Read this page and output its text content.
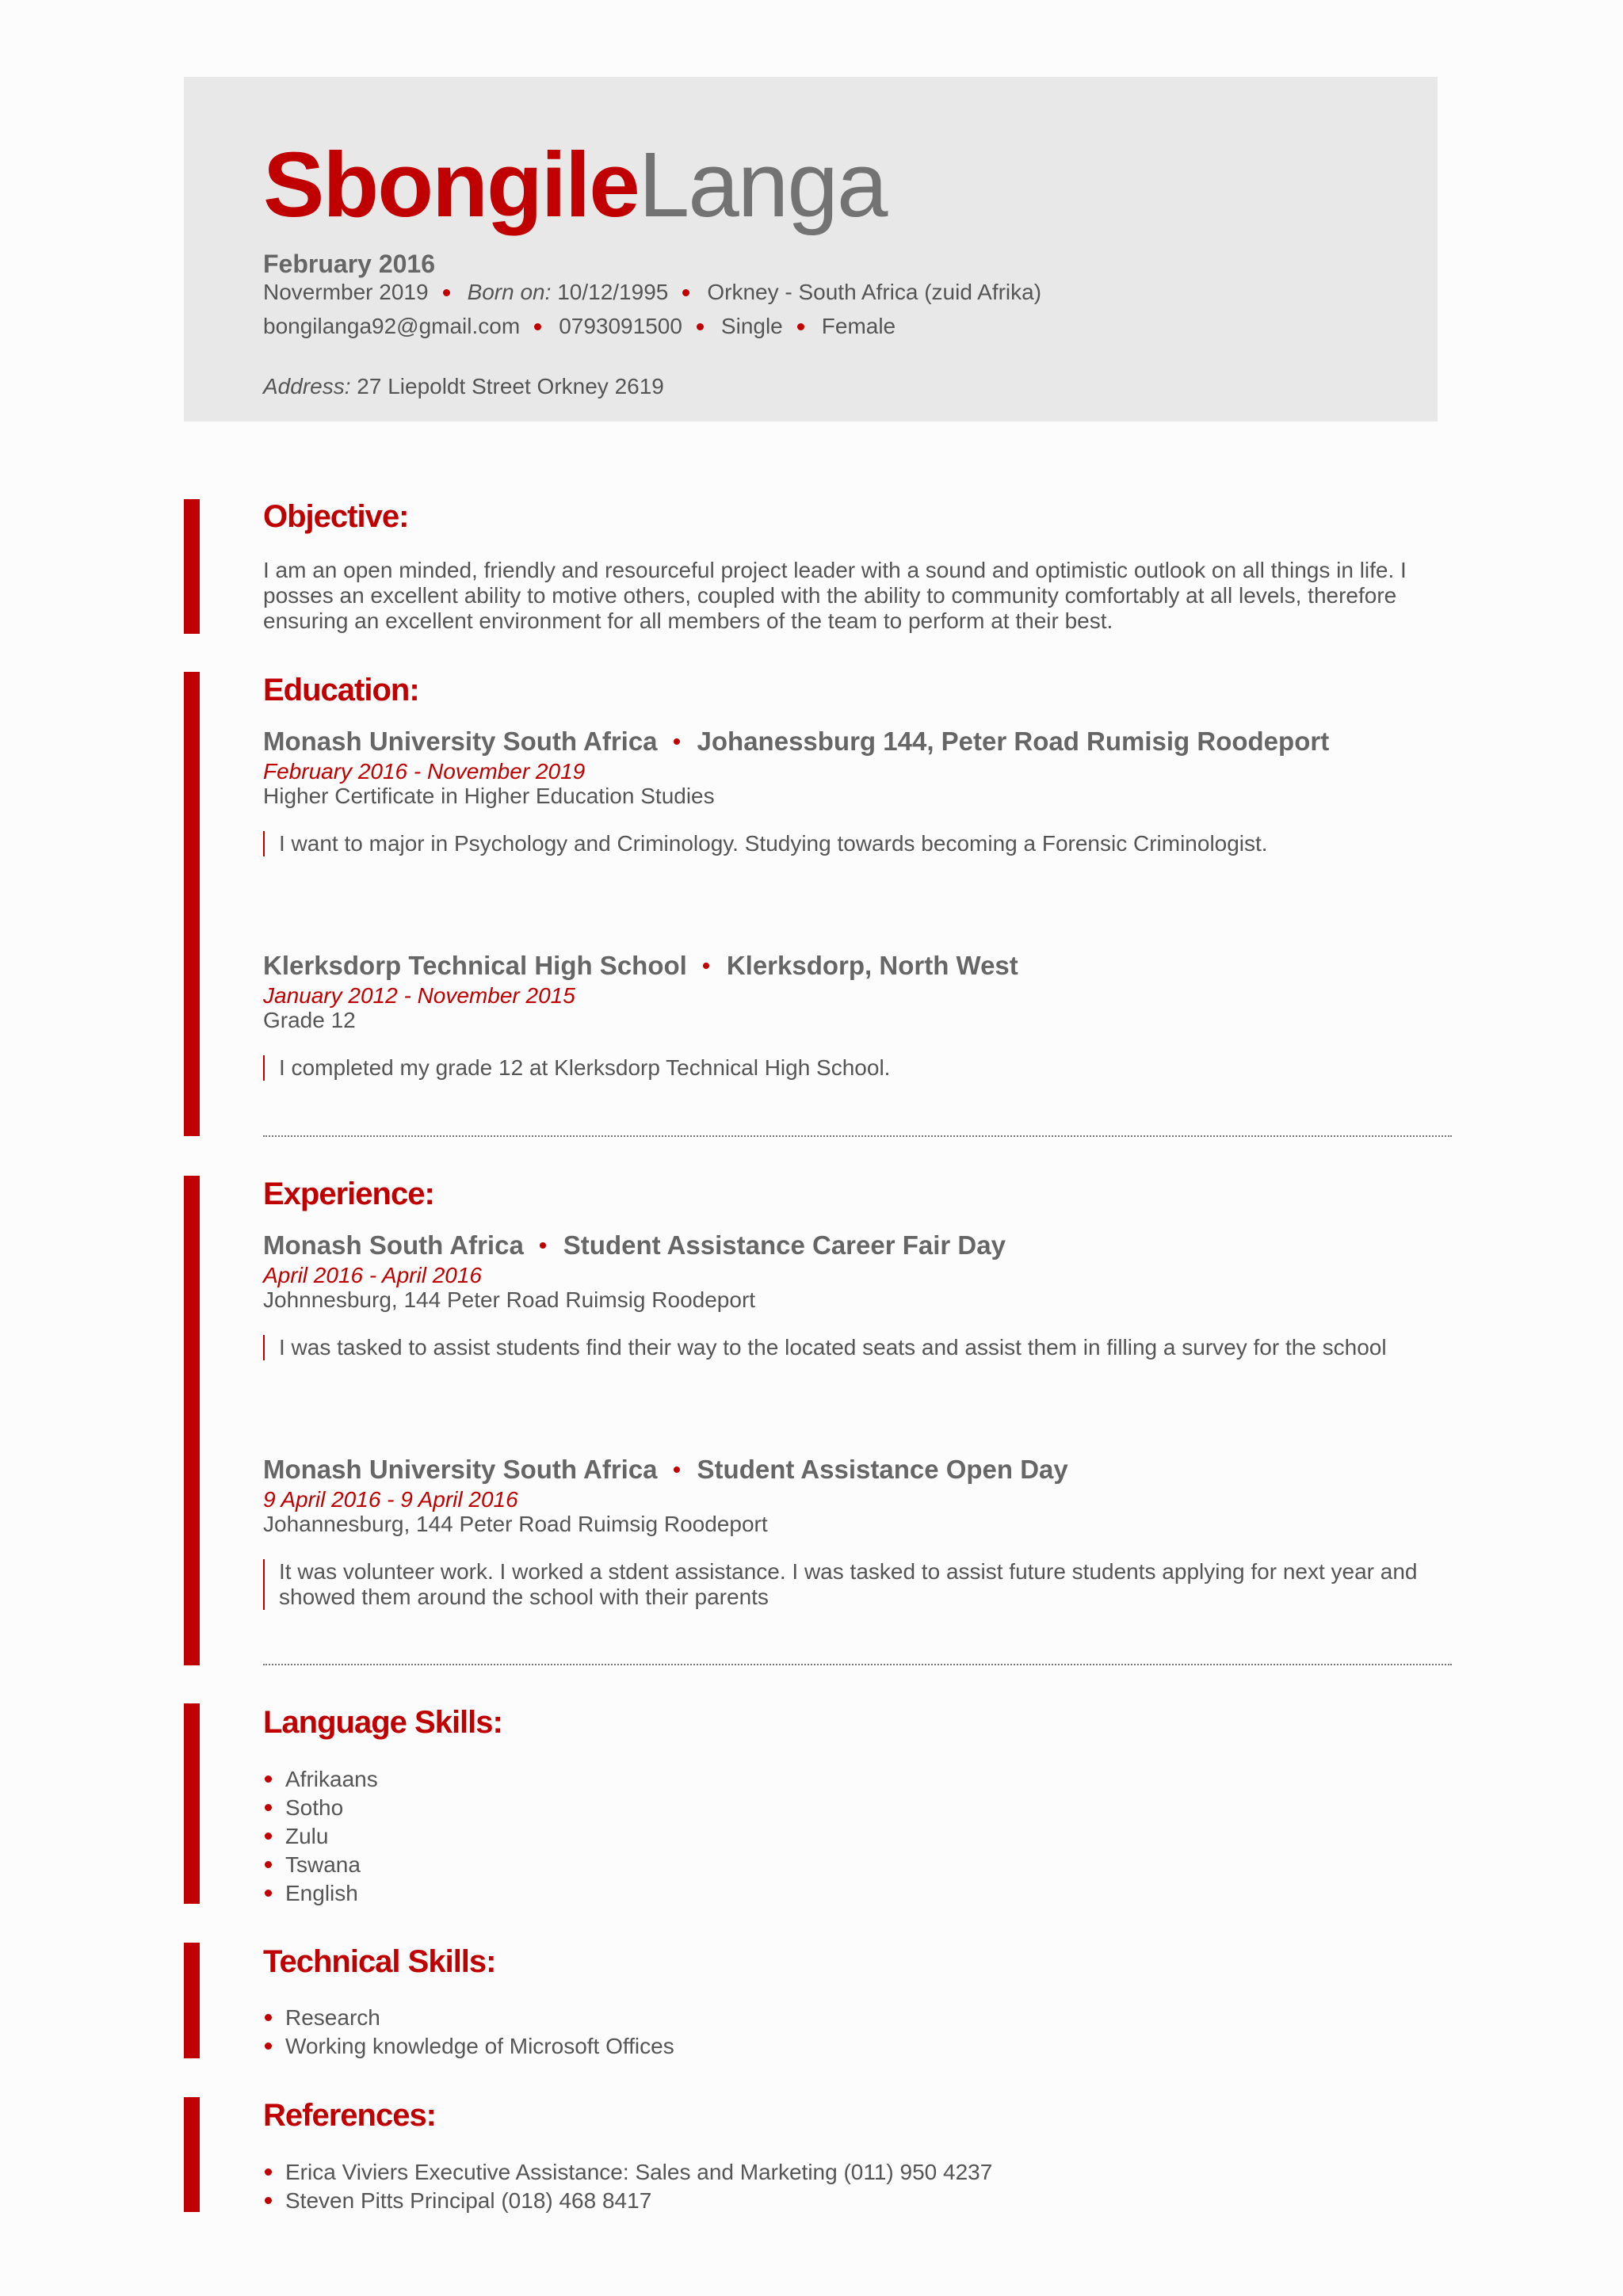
SbongileLanga
February 2016
Novermber 2019 Born on: 10/12/1995 Orkney - South Africa (zuid Afrika)
bongilanga92@gmail.com 0793091500 Single Female
Address: 27 Liepoldt Street Orkney 2619
Objective:
I am an open minded, friendly and resourceful project leader with a sound and optimistic outlook on all things in life. I posses an excellent ability to motive others, coupled with the ability to community comfortably at all levels, therefore ensuring an excellent environment for all members of the team to perform at their best.
Education:
Monash University South Africa Johanessburg 144, Peter Road Rumisig Roodeport
February 2016 - November 2019
Higher Certificate in Higher Education Studies
I want to major in Psychology and Criminology. Studying towards becoming a Forensic Criminologist.
Klerksdorp Technical High School Klerksdorp, North West
January 2012 - November 2015
Grade 12
I completed my grade 12 at Klerksdorp Technical High School.
Experience:
Monash South Africa Student Assistance Career Fair Day
April 2016 - April 2016
Johnnesburg, 144 Peter Road Ruimsig Roodeport
I was tasked to assist students find their way to the located seats and assist them in filling a survey for the school
Monash University South Africa Student Assistance Open Day
9 April 2016 - 9 April 2016
Johannesburg, 144 Peter Road Ruimsig Roodeport
It was volunteer work. I worked a stdent assistance. I was tasked to assist future students applying for next year and showed them around the school with their parents
Language Skills:
Afrikaans
Sotho
Zulu
Tswana
English
Technical Skills:
Research
Working knowledge of Microsoft Offices
References:
Erica Viviers Executive Assistance: Sales and Marketing (011) 950 4237
Steven Pitts Principal (018) 468 8417
